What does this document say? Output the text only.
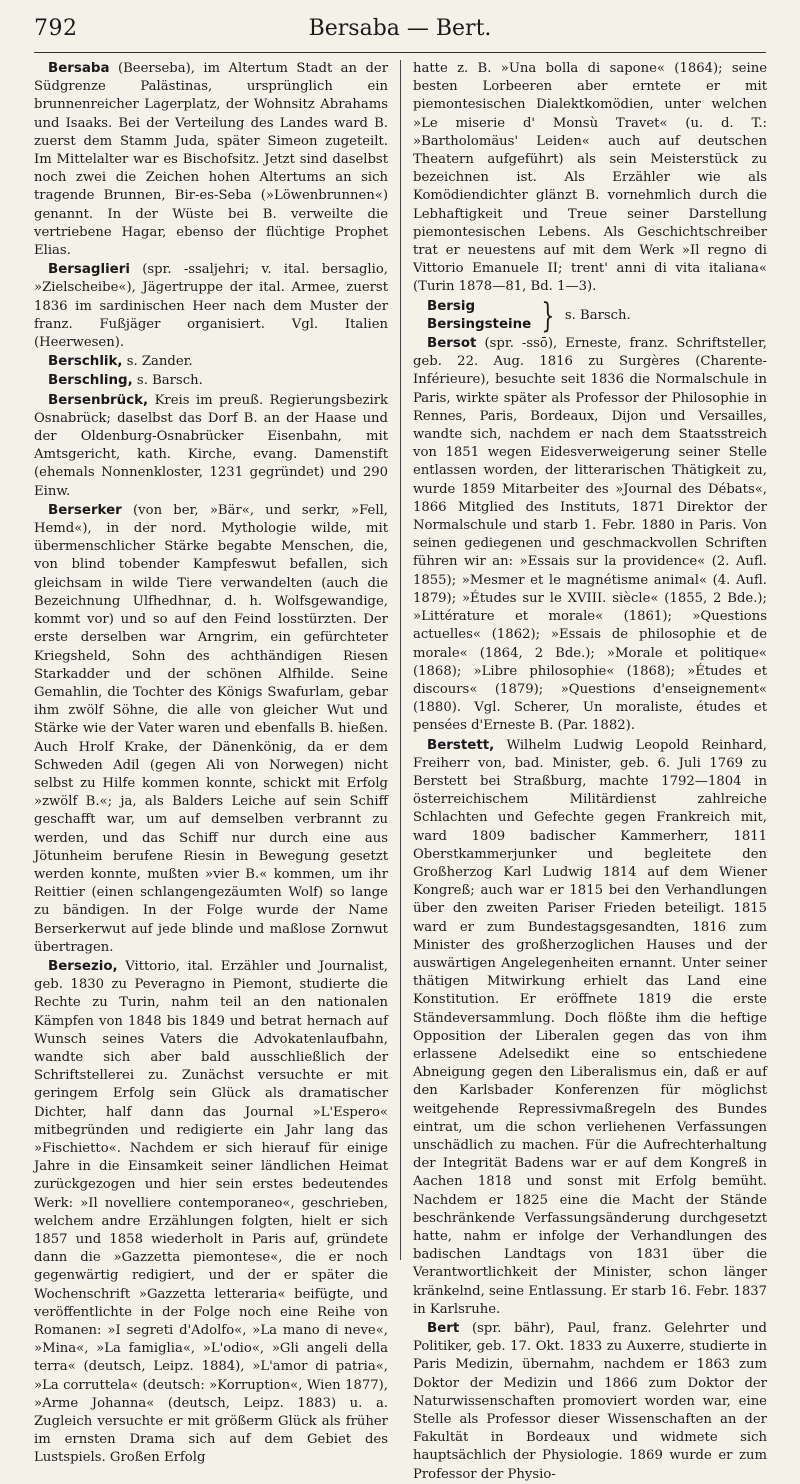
792	Bersaba — Bert.

Bersaba (Beerseba), im Altertum Stadt an der Südgrenze Palästinas, ursprünglich ein brunnenreicher Lagerplatz, der Wohnsitz Abrahams und Isaaks. Bei der Verteilung des Landes ward B. zuerst dem Stamm Juda, später Simeon zugeteilt. Im Mittelalter war es Bischofsitz. Jetzt sind daselbst noch zwei die Zeichen hohen Altertums an sich tragende Brunnen, Bir-es-Seba (»Löwenbrunnen«) genannt. In der Wüste bei B. verweilte die vertriebene Hagar, ebenso der flüchtige Prophet Elias.

Bersaglieri (spr. -ssaljehri; v. ital. bersaglio, »Zielscheibe«), Jägertruppe der ital. Armee, zuerst 1836 im sardinischen Heer nach dem Muster der franz. Fußjäger organisiert. Vgl. Italien (Heerwesen).

Berschlik, s. Zander.

Berschling, s. Barsch.

Bersenbrück, Kreis im preuß. Regierungsbezirk Osnabrück; daselbst das Dorf B. an der Haase und der Oldenburg-Osnabrücker Eisenbahn, mit Amtsgericht, kath. Kirche, evang. Damenstift (ehemals Nonnenkloster, 1231 gegründet) und 290 Einw.

Berserker (von ber, »Bär«, und serkr, »Fell, Hemd«), in der nord. Mythologie wilde, mit übermenschlicher Stärke begabte Menschen, die, von blind tobender Kampfeswut befallen, sich gleichsam in wilde Tiere verwandelten (auch die Bezeichnung Ulfhedhnar, d. h. Wolfsgewandige, kommt vor) und so auf den Feind losstürzten. Der erste derselben war Arngrim, ein gefürchteter Kriegsheld, Sohn des achthändigen Riesen Starkadder und der schönen Alfhilde. Seine Gemahlin, die Tochter des Königs Swafurlam, gebar ihm zwölf Söhne, die alle von gleicher Wut und Stärke wie der Vater waren und ebenfalls B. hießen. Auch Hrolf Krake, der Dänenkönig, da er dem Schweden Adil (gegen Ali von Norwegen) nicht selbst zu Hilfe kommen konnte, schickt mit Erfolg »zwölf B.«; ja, als Balders Leiche auf sein Schiff geschafft war, um auf demselben verbrannt zu werden, und das Schiff nur durch eine aus Jötunheim berufene Riesin in Bewegung gesetzt werden konnte, mußten »vier B.« kommen, um ihr Reittier (einen schlangengezäumten Wolf) so lange zu bändigen. In der Folge wurde der Name Berserkerwut auf jede blinde und maßlose Zornwut übertragen.

Bersezio, Vittorio, ital. Erzähler und Journalist, geb. 1830 zu Peveragno in Piemont, studierte die Rechte zu Turin, nahm teil an den nationalen Kämpfen von 1848 bis 1849 und betrat hernach auf Wunsch seines Vaters die Advokatenlaufbahn, wandte sich aber bald ausschließlich der Schriftstellerei zu. Zunächst versuchte er mit geringem Erfolg sein Glück als dramatischer Dichter, half dann das Journal »L'Espero« mitbegründen und redigierte ein Jahr lang das »Fischietto«. Nachdem er sich hierauf für einige Jahre in die Einsamkeit seiner ländlichen Heimat zurückgezogen und hier sein erstes bedeutendes Werk: »Il novelliere contemporaneo«, geschrieben, welchem andre Erzählungen folgten, hielt er sich 1857 und 1858 wiederholt in Paris auf, gründete dann die »Gazzetta piemontese«, die er noch gegenwärtig redigiert, und der er später die Wochenschrift »Gazzetta letteraria« beifügte, und veröffentlichte in der Folge noch eine Reihe von Romanen: »I segreti d'Adolfo«, »La mano di neve«, »Mina«, »La famiglia«, »L'odio«, »Gli angeli della terra« (deutsch, Leipz. 1884), »L'amor di patria«, »La corruttela« (deutsch: »Korruption«, Wien 1877), »Arme Johanna« (deutsch, Leipz. 1883) u. a. Zugleich versuchte er mit größerm Glück als früher im ernsten Drama sich auf dem Gebiet des Lustspiels. Großen Erfolg

hatte z. B. »Una bolla di sapone« (1864); seine besten Lorbeeren aber erntete er mit piemontesischen Dialektkomödien, unter welchen »Le miserie d' Monsù Travet« (u. d. T.: »Bartholomäus' Leiden« auch auf deutschen Theatern aufgeführt) als sein Meisterstück zu bezeichnen ist. Als Erzähler wie als Komödiendichter glänzt B. vornehmlich durch die Lebhaftigkeit und Treue seiner Darstellung piemontesischen Lebens. Als Geschichtschreiber trat er neuestens auf mit dem Werk »Il regno di Vittorio Emanuele II; trent' anni di vita italiana« (Turin 1878—81, Bd. 1—3).

Bersig
Bersingsteine } s. Barsch.

Bersot (spr. -ssō), Erneste, franz. Schriftsteller, geb. 22. Aug. 1816 zu Surgères (Charente-Inférieure), besuchte seit 1836 die Normalschule in Paris, wirkte später als Professor der Philosophie in Rennes, Paris, Bordeaux, Dijon und Versailles, wandte sich, nachdem er nach dem Staatsstreich von 1851 wegen Eidesverweigerung seiner Stelle entlassen worden, der litterarischen Thätigkeit zu, wurde 1859 Mitarbeiter des »Journal des Débats«, 1866 Mitglied des Instituts, 1871 Direktor der Normalschule und starb 1. Febr. 1880 in Paris. Von seinen gediegenen und geschmackvollen Schriften führen wir an: »Essais sur la providence« (2. Aufl. 1855); »Mesmer et le magnétisme animal« (4. Aufl. 1879); »Études sur le XVIII. siècle« (1855, 2 Bde.); »Littérature et morale« (1861); »Questions actuelles« (1862); »Essais de philosophie et de morale« (1864, 2 Bde.); »Morale et politique« (1868); »Libre philosophie« (1868); »Études et discours« (1879); »Questions d'enseignement« (1880). Vgl. Scherer, Un moraliste, études et pensées d'Erneste B. (Par. 1882).

Berstett, Wilhelm Ludwig Leopold Reinhard, Freiherr von, bad. Minister, geb. 6. Juli 1769 zu Berstett bei Straßburg, machte 1792—1804 in österreichischem Militärdienst zahlreiche Schlachten und Gefechte gegen Frankreich mit, ward 1809 badischer Kammerherr, 1811 Oberstkammerjunker und begleitete den Großherzog Karl Ludwig 1814 auf dem Wiener Kongreß; auch war er 1815 bei den Verhandlungen über den zweiten Pariser Frieden beteiligt. 1815 ward er zum Bundestagsgesandten, 1816 zum Minister des großherzoglichen Hauses und der auswärtigen Angelegenheiten ernannt. Unter seiner thätigen Mitwirkung erhielt das Land eine Konstitution. Er eröffnete 1819 die erste Ständeversammlung. Doch flößte ihm die heftige Opposition der Liberalen gegen das von ihm erlassene Adelsedikt eine so entschiedene Abneigung gegen den Liberalismus ein, daß er auf den Karlsbader Konferenzen für möglichst weitgehende Repressivmaßregeln des Bundes eintrat, um die schon verliehenen Verfassungen unschädlich zu machen. Für die Aufrechterhaltung der Integrität Badens war er auf dem Kongreß in Aachen 1818 und sonst mit Erfolg bemüht. Nachdem er 1825 eine die Macht der Stände beschränkende Verfassungsänderung durchgesetzt hatte, nahm er infolge der Verhandlungen des badischen Landtags von 1831 über die Verantwortlichkeit der Minister, schon länger kränkelnd, seine Entlassung. Er starb 16. Febr. 1837 in Karlsruhe.

Bert (spr. bähr), Paul, franz. Gelehrter und Politiker, geb. 17. Okt. 1833 zu Auxerre, studierte in Paris Medizin, übernahm, nachdem er 1863 zum Doktor der Medizin und 1866 zum Doktor der Naturwissenschaften promoviert worden war, eine Stelle als Professor dieser Wissenschaften an der Fakultät in Bordeaux und widmete sich hauptsächlich der Physiologie. 1869 wurde er zum Professor der Physio-
